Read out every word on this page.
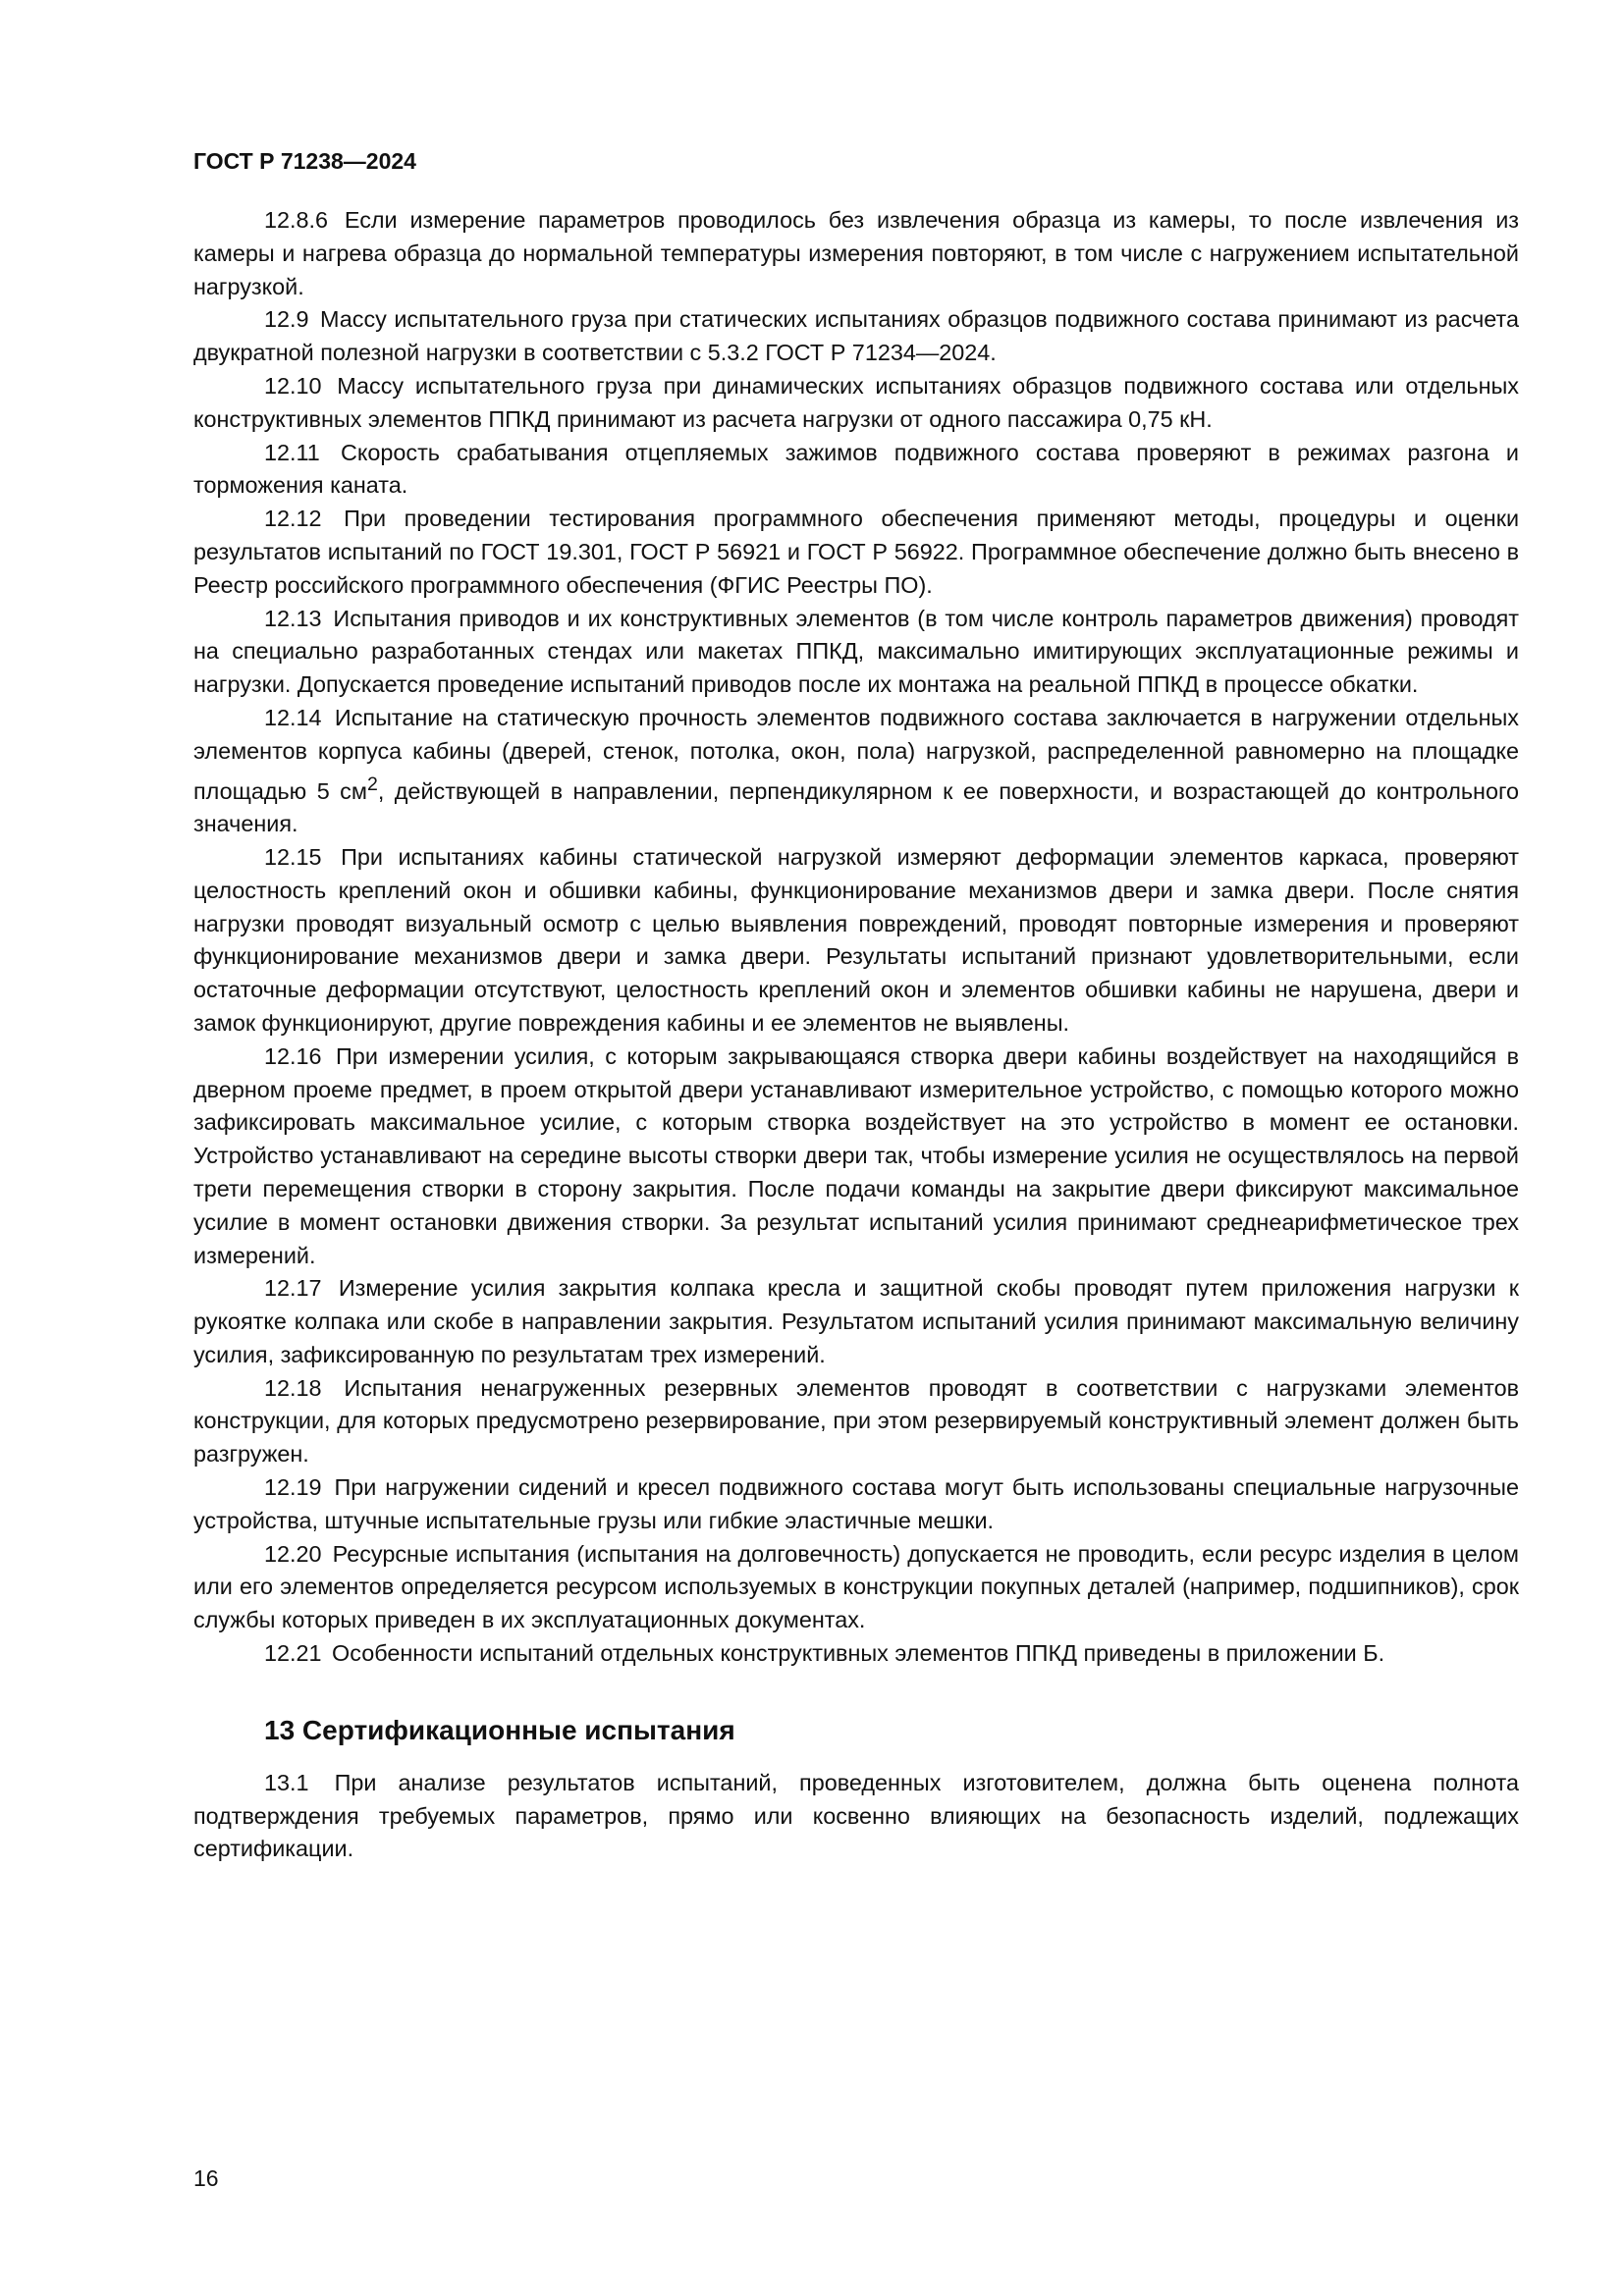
ГОСТ Р 71238—2024

12.8.6 Если измерение параметров проводилось без извлечения образца из камеры, то после извлечения из камеры и нагрева образца до нормальной температуры измерения повторяют, в том числе с нагружением испытательной нагрузкой.

12.9 Массу испытательного груза при статических испытаниях образцов подвижного состава принимают из расчета двукратной полезной нагрузки в соответствии с 5.3.2 ГОСТ Р 71234—2024.

12.10 Массу испытательного груза при динамических испытаниях образцов подвижного состава или отдельных конструктивных элементов ППКД принимают из расчета нагрузки от одного пассажира 0,75 кН.

12.11 Скорость срабатывания отцепляемых зажимов подвижного состава проверяют в режимах разгона и торможения каната.

12.12 При проведении тестирования программного обеспечения применяют методы, процедуры и оценки результатов испытаний по ГОСТ 19.301, ГОСТ Р 56921 и ГОСТ Р 56922. Программное обеспечение должно быть внесено в Реестр российского программного обеспечения (ФГИС Реестры ПО).

12.13 Испытания приводов и их конструктивных элементов (в том числе контроль параметров движения) проводят на специально разработанных стендах или макетах ППКД, максимально имитирующих эксплуатационные режимы и нагрузки. Допускается проведение испытаний приводов после их монтажа на реальной ППКД в процессе обкатки.

12.14 Испытание на статическую прочность элементов подвижного состава заключается в нагружении отдельных элементов корпуса кабины (дверей, стенок, потолка, окон, пола) нагрузкой, распределенной равномерно на площадке площадью 5 $см^2$, действующей в направлении, перпендикулярном к ее поверхности, и возрастающей до контрольного значения.

12.15 При испытаниях кабины статической нагрузкой измеряют деформации элементов каркаса, проверяют целостность креплений окон и обшивки кабины, функционирование механизмов двери и замка двери. После снятия нагрузки проводят визуальный осмотр с целью выявления повреждений, проводят повторные измерения и проверяют функционирование механизмов двери и замка двери. Результаты испытаний признают удовлетворительными, если остаточные деформации отсутствуют, целостность креплений окон и элементов обшивки кабины не нарушена, двери и замок функционируют, другие повреждения кабины и ее элементов не выявлены.

12.16 При измерении усилия, с которым закрывающаяся створка двери кабины воздействует на находящийся в дверном проеме предмет, в проем открытой двери устанавливают измерительное устройство, с помощью которого можно зафиксировать максимальное усилие, с которым створка воздействует на это устройство в момент ее остановки. Устройство устанавливают на середине высоты створки двери так, чтобы измерение усилия не осуществлялось на первой трети перемещения створки в сторону закрытия. После подачи команды на закрытие двери фиксируют максимальное усилие в момент остановки движения створки. За результат испытаний усилия принимают среднеарифметическое трех измерений.

12.17 Измерение усилия закрытия колпака кресла и защитной скобы проводят путем приложения нагрузки к рукоятке колпака или скобе в направлении закрытия. Результатом испытаний усилия принимают максимальную величину усилия, зафиксированную по результатам трех измерений.

12.18 Испытания ненагруженных резервных элементов проводят в соответствии с нагрузками элементов конструкции, для которых предусмотрено резервирование, при этом резервируемый конструктивный элемент должен быть разгружен.

12.19 При нагружении сидений и кресел подвижного состава могут быть использованы специальные нагрузочные устройства, штучные испытательные грузы или гибкие эластичные мешки.

12.20 Ресурсные испытания (испытания на долговечность) допускается не проводить, если ресурс изделия в целом или его элементов определяется ресурсом используемых в конструкции покупных деталей (например, подшипников), срок службы которых приведен в их эксплуатационных документах.

12.21 Особенности испытаний отдельных конструктивных элементов ППКД приведены в приложении Б.

13 Сертификационные испытания

13.1 При анализе результатов испытаний, проведенных изготовителем, должна быть оценена полнота подтверждения требуемых параметров, прямо или косвенно влияющих на безопасность изделий, подлежащих сертификации.

16
